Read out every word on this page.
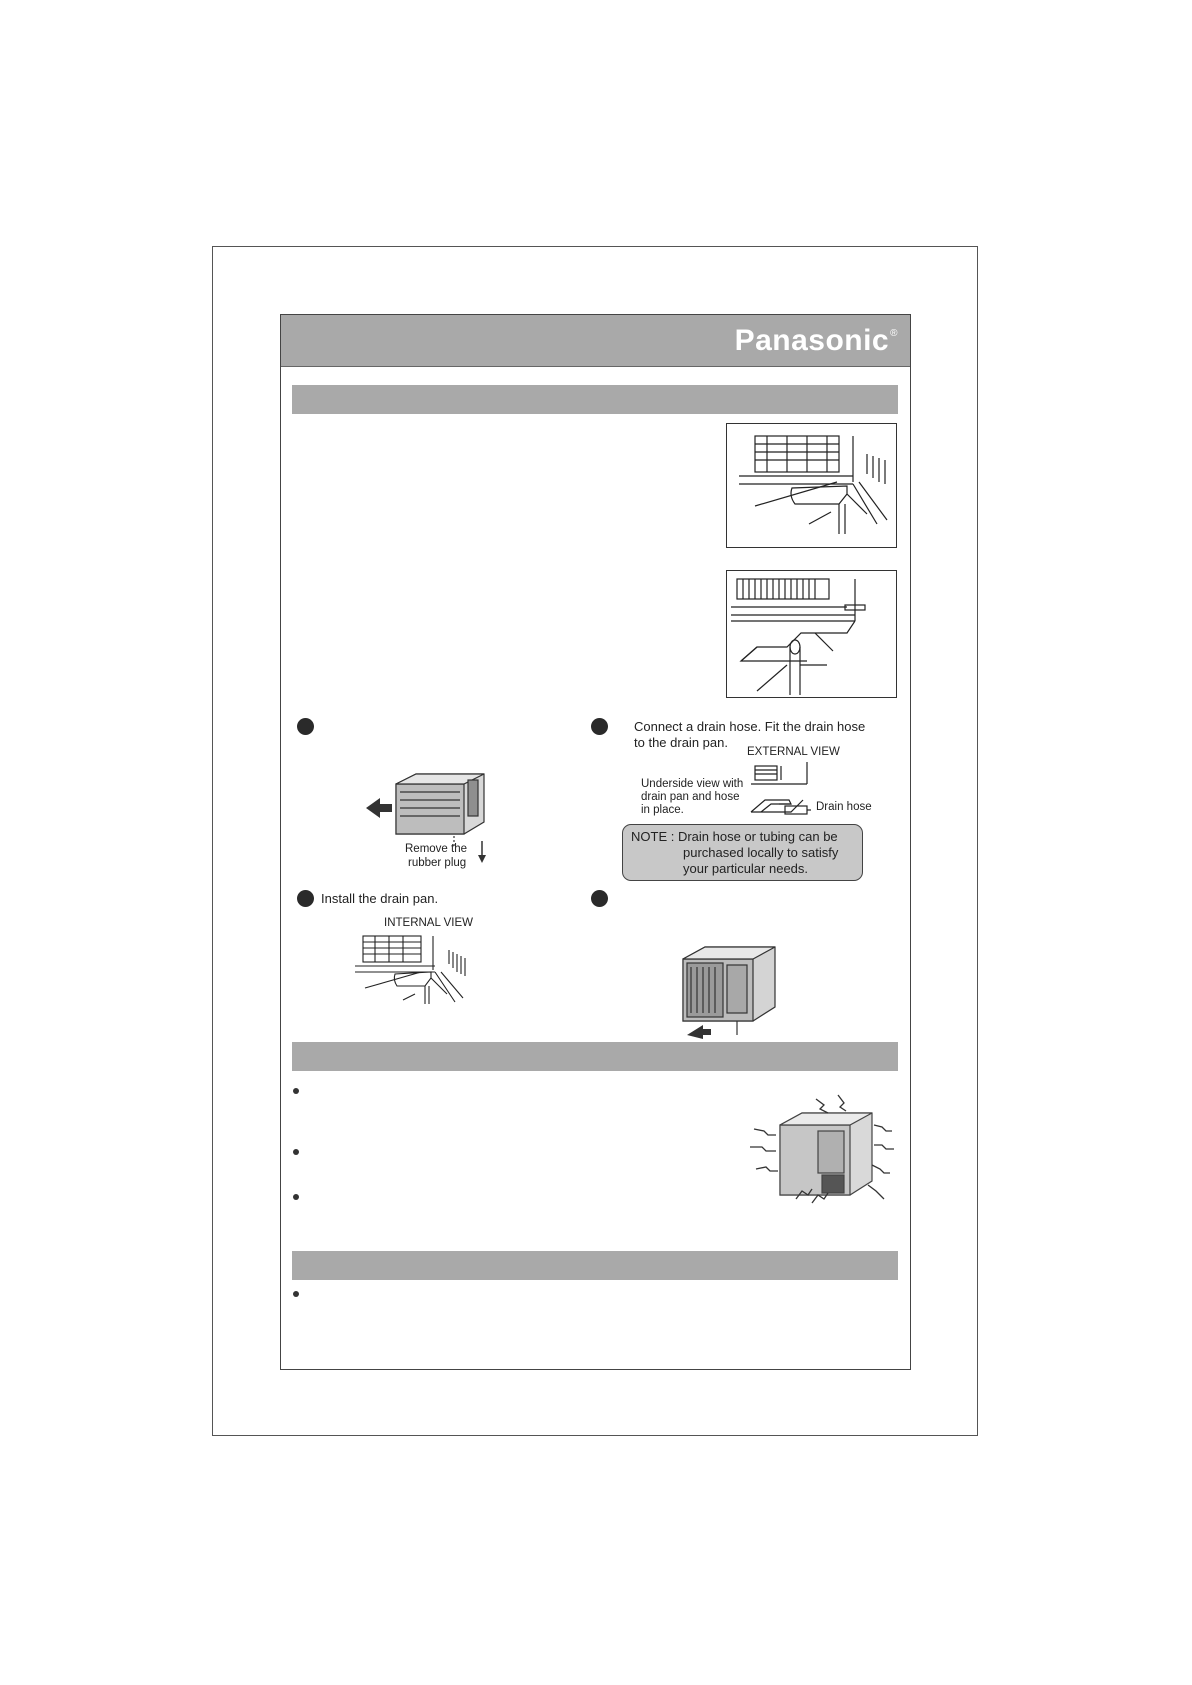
Panasonic®
Connect a drain hose. Fit the drain hose
to the drain pan.
Remove the
rubber plug
EXTERNAL VIEW
Underside view with
drain pan and hose
in place.	Drain hose
NOTE : Drain hose or tubing can be
purchased locally to satisfy
your particular needs.
Install the drain pan.
INTERNAL VIEW
